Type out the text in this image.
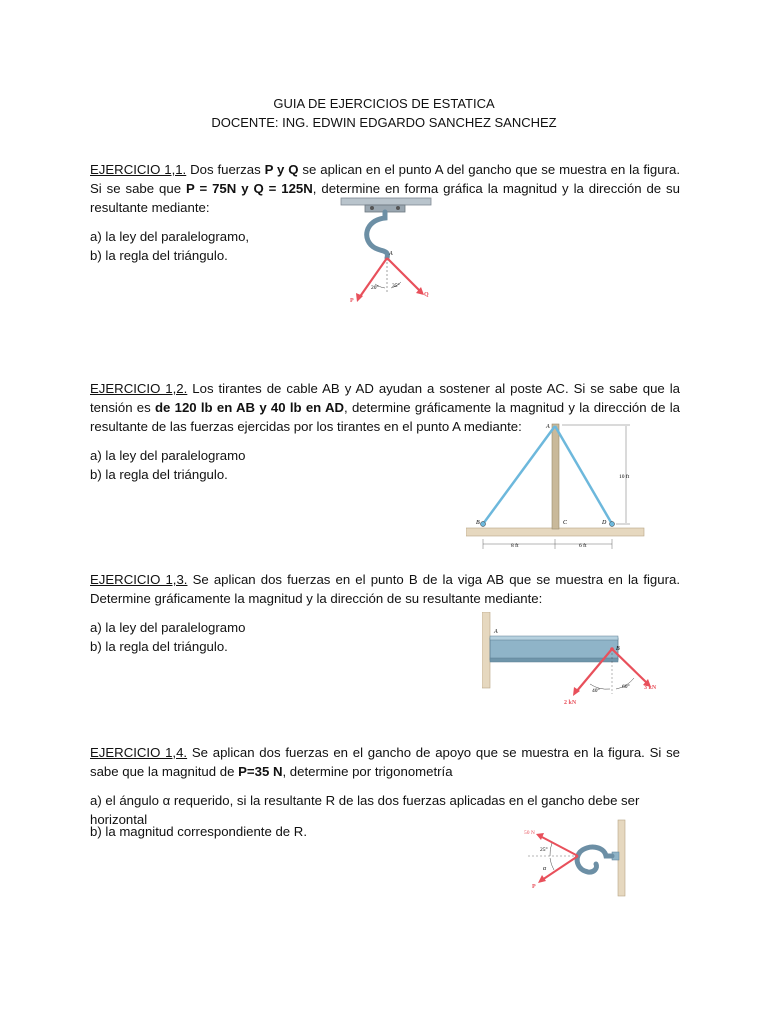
GUIA DE EJERCICIOS DE ESTATICA
DOCENTE: ING. EDWIN EDGARDO SANCHEZ SANCHEZ
EJERCICIO 1,1. Dos fuerzas P y Q se aplican en el punto A del gancho que se muestra en la figura. Si se sabe que P = 75N y Q = 125N, determine en forma gráfica la magnitud y la dirección de su resultante mediante:
a) la ley del paralelogramo,
b) la regla del triángulo.	A
20° 35°
P
Q
EJERCICIO 1,2. Los tirantes de cable AB y AD ayudan a sostener al poste AC. Si se sabe que la tensión es de 120 lb en AB y 40 lb en AD, determine gráficamente la magnitud y la dirección de la resultante de las fuerzas ejercidas por los tirantes en el punto A mediante:
a) la ley del paralelogramo
b) la regla del triángulo.
A
B	C	D
10 ft
8 ft	6 ft
EJERCICIO 1,3. Se aplican dos fuerzas en el punto B de la viga AB que se muestra en la figura. Determine gráficamente la magnitud y la dirección de su resultante mediante:
a) la ley del paralelogramo
b) la regla del triángulo.
A
B
40°
60°
2 kN
3 kN
EJERCICIO 1,4. Se aplican dos fuerzas en el gancho de apoyo que se muestra en la figura. Si se sabe que la magnitud de P=35 N, determine por trigonometría
a) el ángulo α requerido, si la resultante R de las dos fuerzas aplicadas en el gancho debe ser horizontal
b) la magnitud correspondiente de R.	50 N
25°
α
P
